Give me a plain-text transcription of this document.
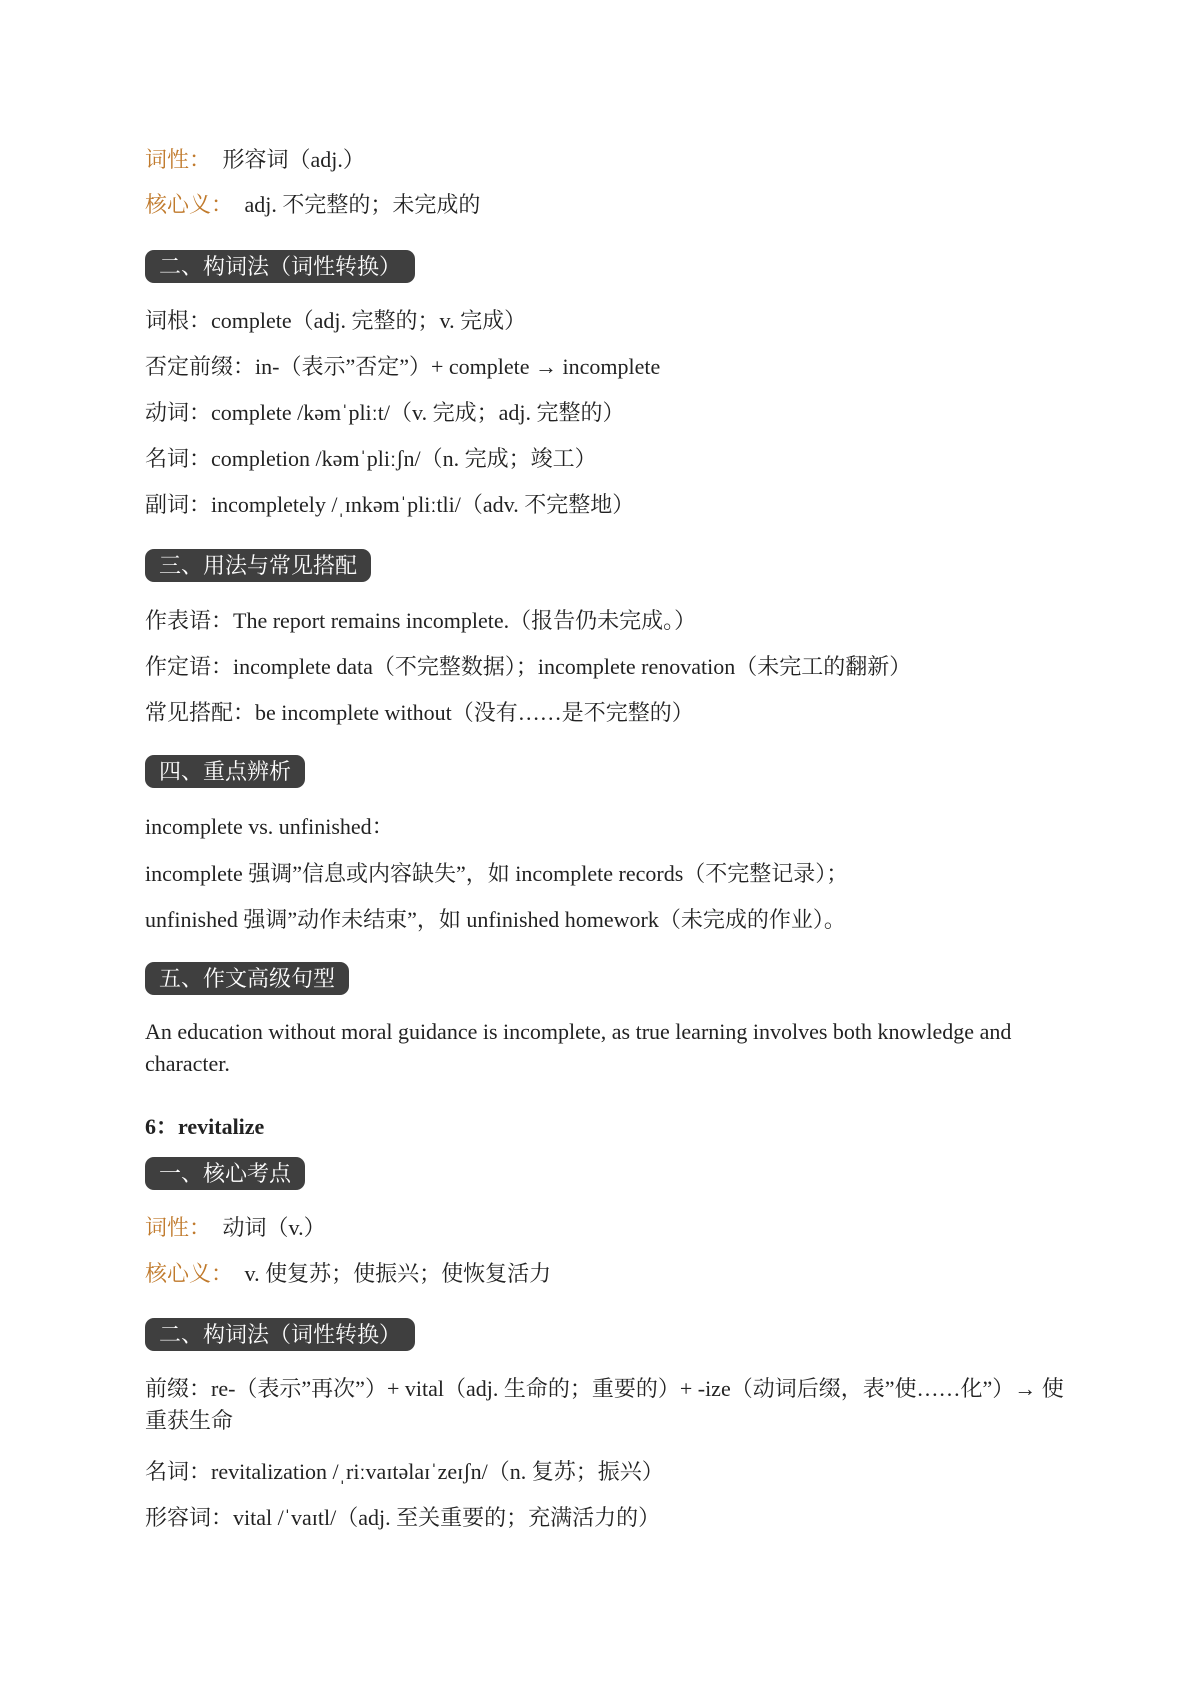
词性： 形容词（adj.）
核心义： adj. 不完整的；未完成的
二、构词法（词性转换）
词根：complete（adj. 完整的；v. 完成）
否定前缀：in-（表示”否定”）+ complete → incomplete
动词：complete /kəmˈpliːt/（v. 完成；adj. 完整的）
名词：completion /kəmˈpliːʃn/（n. 完成；竣工）
副词：incompletely /ˌɪnkəmˈpliːtli/（adv. 不完整地）
三、用法与常见搭配
作表语：The report remains incomplete.（报告仍未完成。）
作定语：incomplete data（不完整数据）；incomplete renovation（未完工的翻新）
常见搭配：be incomplete without（没有……是不完整的）
四、重点辨析
incomplete vs. unfinished：
incomplete 强调”信息或内容缺失”，如 incomplete records（不完整记录）；
unfinished 强调”动作未结束”，如 unfinished homework（未完成的作业）。
五、作文高级句型
An education without moral guidance is incomplete, as true learning involves both knowledge and character.
6：revitalize
一、核心考点
词性： 动词（v.）
核心义： v. 使复苏；使振兴；使恢复活力
二、构词法（词性转换）
前缀：re-（表示”再次”）+ vital（adj. 生命的；重要的）+ -ize（动词后缀，表”使……化”）→ 使重获生命
名词：revitalization /ˌriːvaɪtəlaɪˈzeɪʃn/（n. 复苏；振兴）
形容词：vital /ˈvaɪtl/（adj. 至关重要的；充满活力的）
